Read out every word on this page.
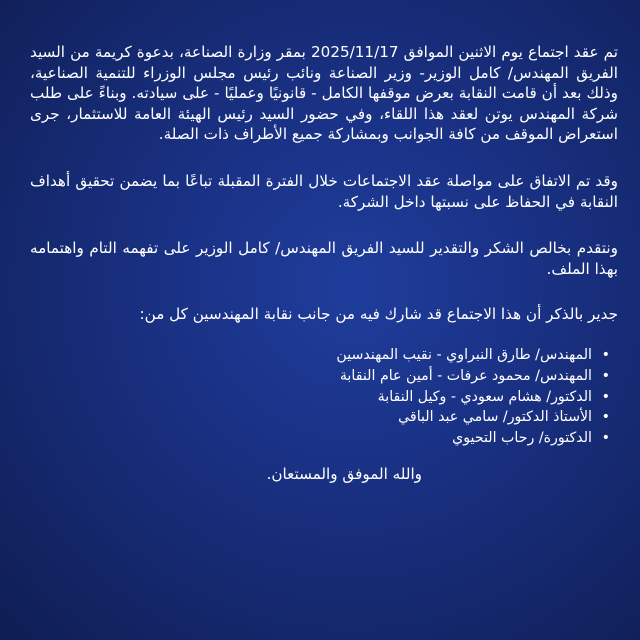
تم عقد اجتماع يوم الاثنين الموافق 2025/11/17 بمقر وزارة الصناعة، بدعوة كريمة من السيد الفريق المهندس/ كامل الوزير- وزير الصناعة ونائب رئيس مجلس الوزراء للتنمية الصناعية، وذلك بعد أن قامت النقابة بعرض موقفها الكامل - قانونيًا وعمليًا - على سيادته. وبناءً على طلب شركة المهندس يوتن لعقد هذا اللقاء، وفي حضور السيد رئيس الهيئة العامة للاستثمار، جرى استعراض الموقف من كافة الجوانب وبمشاركة جميع الأطراف ذات الصلة.

وقد تم الاتفاق على مواصلة عقد الاجتماعات خلال الفترة المقبلة تباعًا بما يضمن تحقيق أهداف النقابة في الحفاظ على نسبتها داخل الشركة.

ونتقدم بخالص الشكر والتقدير للسيد الفريق المهندس/ كامل الوزير على تفهمه التام واهتمامه بهذا الملف.

جدير بالذكر أن هذا الاجتماع قد شارك فيه من جانب نقابة المهندسين كل من:

•المهندس/ طارق النبراوي - نقيب المهندسين
•المهندس/ محمود عرفات - أمين عام النقابة
•الدكتور/ هشام سعودي - وكيل النقابة
•الأستاذ الدكتور/ سامي عبد الباقي
•الدكتورة/ رحاب التحيوي
والله الموفق والمستعان.
